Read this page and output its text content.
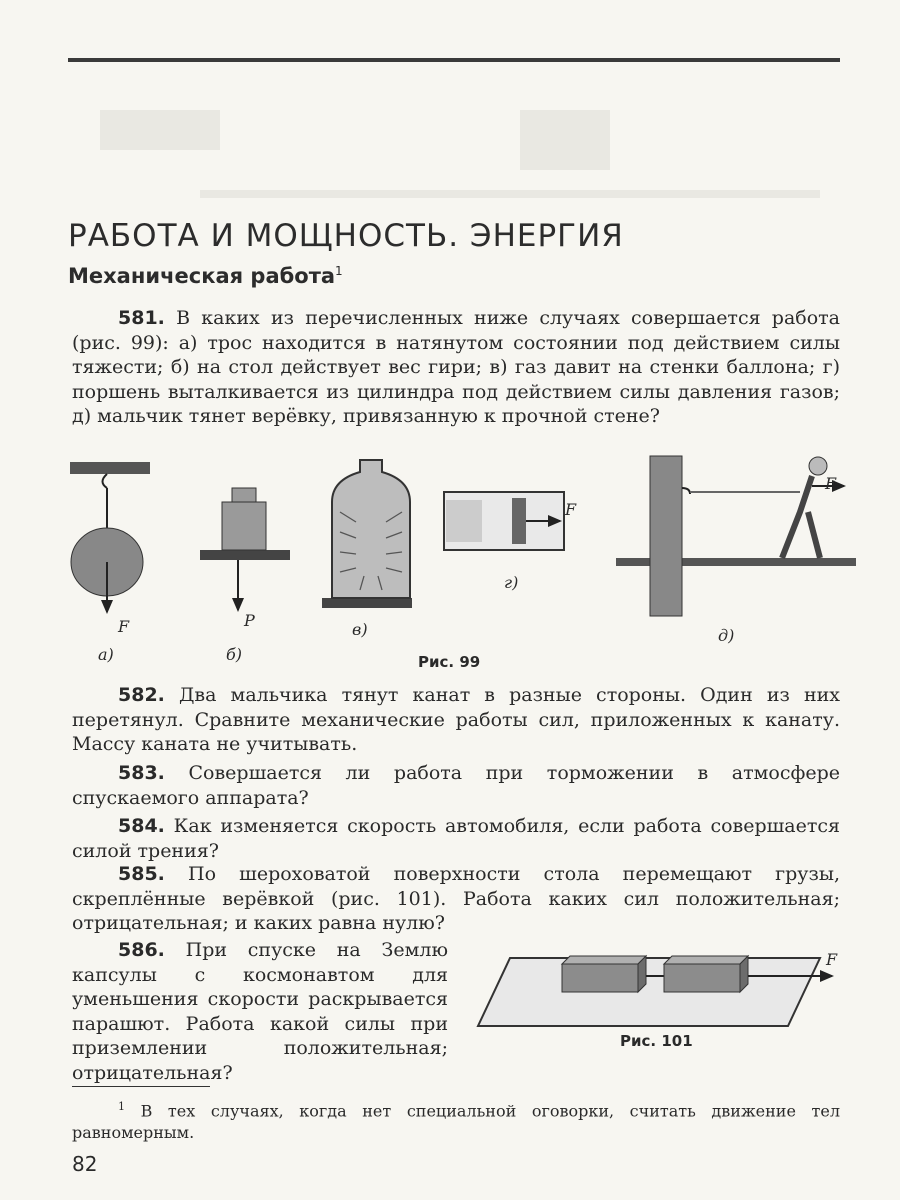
РАБОТА И МОЩНОСТЬ. ЭНЕРГИЯ
Механическая работа$^1$

581. В каких из перечисленных ниже случаях совершается работа (рис. 99): а) трос находится в натянутом состоянии под действием силы тяжести; б) на стол действует вес гири; в) газ давит на стенки баллона; г) поршень выталкивается из цилиндра под действием силы давления газов; д) мальчик тянет верёвку, привязанную к прочной стене?

F	P
F
F
а)	б)
в)
г)
д)
Рис. 99

582. Два мальчика тянут канат в разные стороны. Один из них перетянул. Сравните механические работы сил, приложенных к канату. Массу каната не учитывать.

583. Совершается ли работа при торможении в атмосфере спускаемого аппарата?

584. Как изменяется скорость автомобиля, если работа совершается силой трения?

585. По шероховатой поверхности стола перемещают грузы, скреплённые верёвкой (рис. 101). Работа каких сил положительная; отрицательная; и каких равна нулю?

586. При спуске на Землю капсулы с космонавтом для уменьшения скорости раскрывается парашют. Работа какой силы при приземлении положительная; отрицательная?

F
Рис. 101

$^1$ В тех случаях, когда нет специальной оговорки, считать движение тел равномерным.

82
